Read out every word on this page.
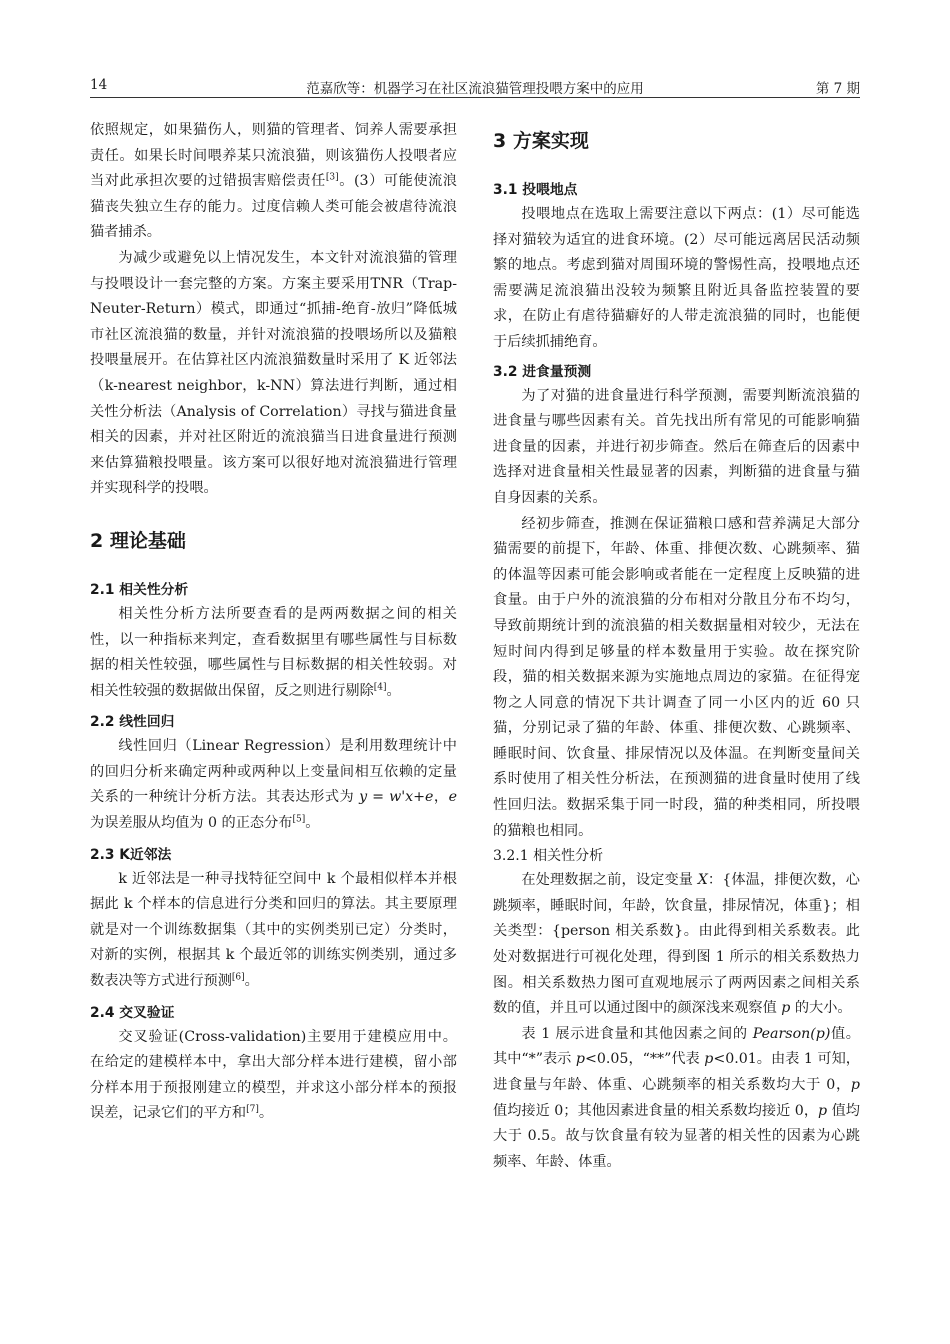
14	范嘉欣等：机器学习在社区流浪猫管理投喂方案中的应用	第 7 期

依照规定，如果猫伤人，则猫的管理者、饲养人需要承担责任。如果长时间喂养某只流浪猫，则该猫伤人投喂者应当对此承担次要的过错损害赔偿责任[3]。(3）可能使流浪猫丧失独立生存的能力。过度信赖人类可能会被虐待流浪猫者捕杀。

为减少或避免以上情况发生，本文针对流浪猫的管理与投喂设计一套完整的方案。方案主要采用TNR（Trap-Neuter-Return）模式，即通过“抓捕-绝育-放归”降低城市社区流浪猫的数量，并针对流浪猫的投喂场所以及猫粮投喂量展开。在估算社区内流浪猫数量时采用了 K 近邻法（k-nearest neighbor，k-NN）算法进行判断，通过相关性分析法（Analysis of Correlation）寻找与猫进食量相关的因素，并对社区附近的流浪猫当日进食量进行预测来估算猫粮投喂量。该方案可以很好地对流浪猫进行管理并实现科学的投喂。

2 理论基础
2.1 相关性分析

相关性分析方法所要查看的是两两数据之间的相关性，以一种指标来判定，查看数据里有哪些属性与目标数据的相关性较强，哪些属性与目标数据的相关性较弱。对相关性较强的数据做出保留，反之则进行剔除[4]。

2.2 线性回归

线性回归（Linear Regression）是利用数理统计中的回归分析来确定两种或两种以上变量间相互依赖的定量关系的一种统计分析方法。其表达形式为 y = w'x+e，e 为误差服从均值为 0 的正态分布[5]。

2.3 K近邻法

k 近邻法是一种寻找特征空间中 k 个最相似样本并根据此 k 个样本的信息进行分类和回归的算法。其主要原理就是对一个训练数据集（其中的实例类别已定）分类时，对新的实例，根据其 k 个最近邻的训练实例类别，通过多数表决等方式进行预测[6]。

2.4 交叉验证

交叉验证(Cross-validation)主要用于建模应用中。在给定的建模样本中，拿出大部分样本进行建模，留小部分样本用于预报刚建立的模型，并求这小部分样本的预报误差，记录它们的平方和[7]。

3 方案实现
3.1 投喂地点

投喂地点在选取上需要注意以下两点：(1）尽可能选择对猫较为适宜的进食环境。(2）尽可能远离居民活动频繁的地点。考虑到猫对周围环境的警惕性高，投喂地点还需要满足流浪猫出没较为频繁且附近具备监控装置的要求，在防止有虐待猫癖好的人带走流浪猫的同时，也能便于后续抓捕绝育。

3.2 进食量预测

为了对猫的进食量进行科学预测，需要判断流浪猫的进食量与哪些因素有关。首先找出所有常见的可能影响猫进食量的因素，并进行初步筛查。然后在筛查后的因素中选择对进食量相关性最显著的因素，判断猫的进食量与猫自身因素的关系。

经初步筛查，推测在保证猫粮口感和营养满足大部分猫需要的前提下，年龄、体重、排便次数、心跳频率、猫的体温等因素可能会影响或者能在一定程度上反映猫的进食量。由于户外的流浪猫的分布相对分散且分布不均匀，导致前期统计到的流浪猫的相关数据量相对较少，无法在短时间内得到足够量的样本数量用于实验。故在探究阶段，猫的相关数据来源为实施地点周边的家猫。在征得宠物之人同意的情况下共计调查了同一小区内的近 60 只猫，分别记录了猫的年龄、体重、排便次数、心跳频率、睡眠时间、饮食量、排尿情况以及体温。在判断变量间关系时使用了相关性分析法，在预测猫的进食量时使用了线性回归法。数据采集于同一时段，猫的种类相同，所投喂的猫粮也相同。

3.2.1 相关性分析

在处理数据之前，设定变量 X：{体温，排便次数，心跳频率，睡眠时间，年龄，饮食量，排尿情况，体重}；相关类型：{person 相关系数}。由此得到相关系数表。此处对数据进行可视化处理，得到图 1 所示的相关系数热力图。相关系数热力图可直观地展示了两两因素之间相关系数的值，并且可以通过图中的颜深浅来观察值 p 的大小。

表 1 展示进食量和其他因素之间的 Pearson(p)值。其中“*”表示 p<0.05，“**”代表 p<0.01。由表 1 可知，进食量与年龄、体重、心跳频率的相关系数均大于 0，p 值均接近 0；其他因素进食量的相关系数均接近 0，p 值均大于 0.5。故与饮食量有较为显著的相关性的因素为心跳频率、年龄、体重。
